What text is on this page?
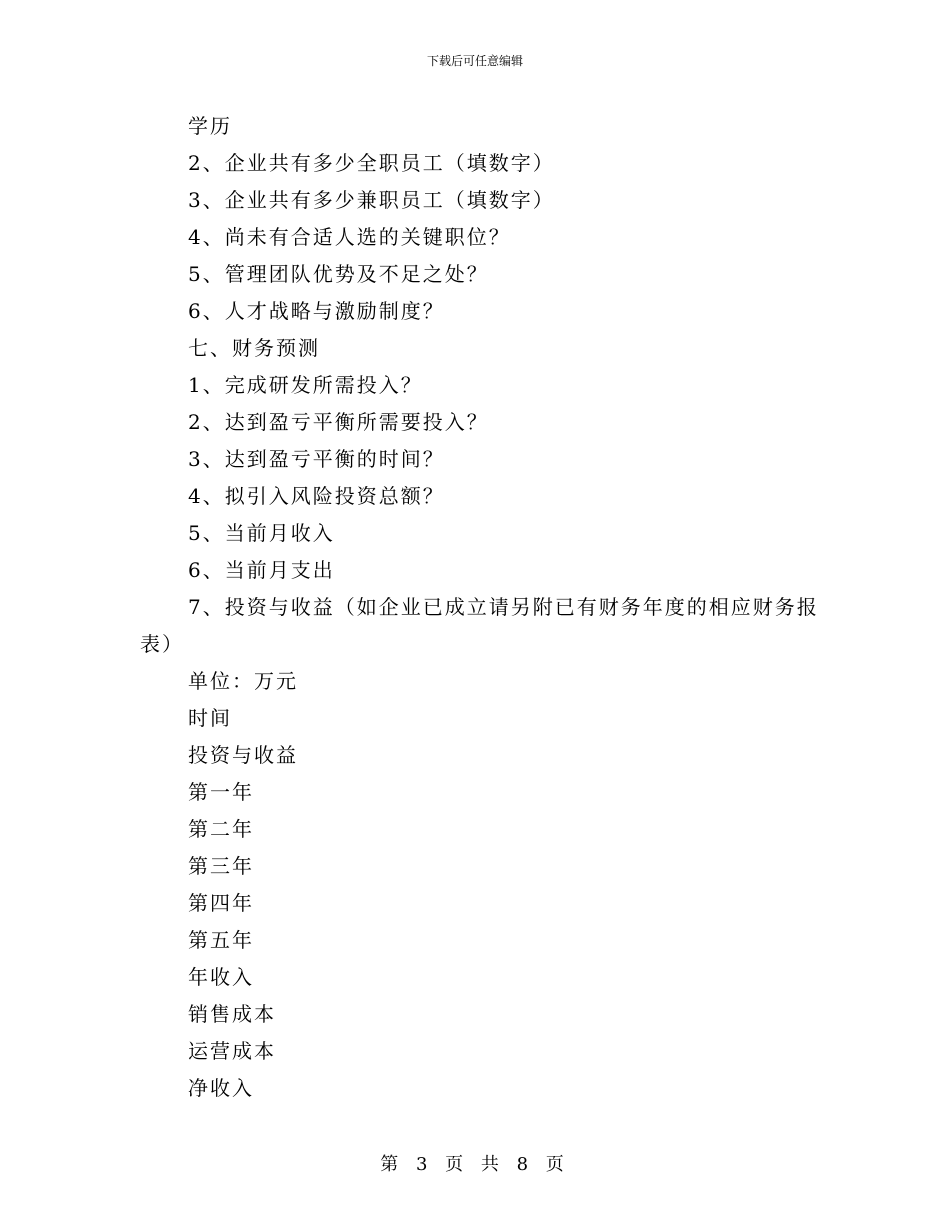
下载后可任意编辑

学历

2、企业共有多少全职员工（填数字）

3、企业共有多少兼职员工（填数字）

4、尚未有合适人选的关键职位？

5、管理团队优势及不足之处？

6、人才战略与激励制度？

七、财务预测

1、完成研发所需投入？

2、达到盈亏平衡所需要投入？

3、达到盈亏平衡的时间？

4、拟引入风险投资总额？

5、当前月收入

6、当前月支出

7、投资与收益（如企业已成立请另附已有财务年度的相应财务报

表）

单位：万元

时间

投资与收益

第一年

第二年

第三年

第四年

第五年

年收入

销售成本

运营成本

净收入

第 3 页 共 8 页
